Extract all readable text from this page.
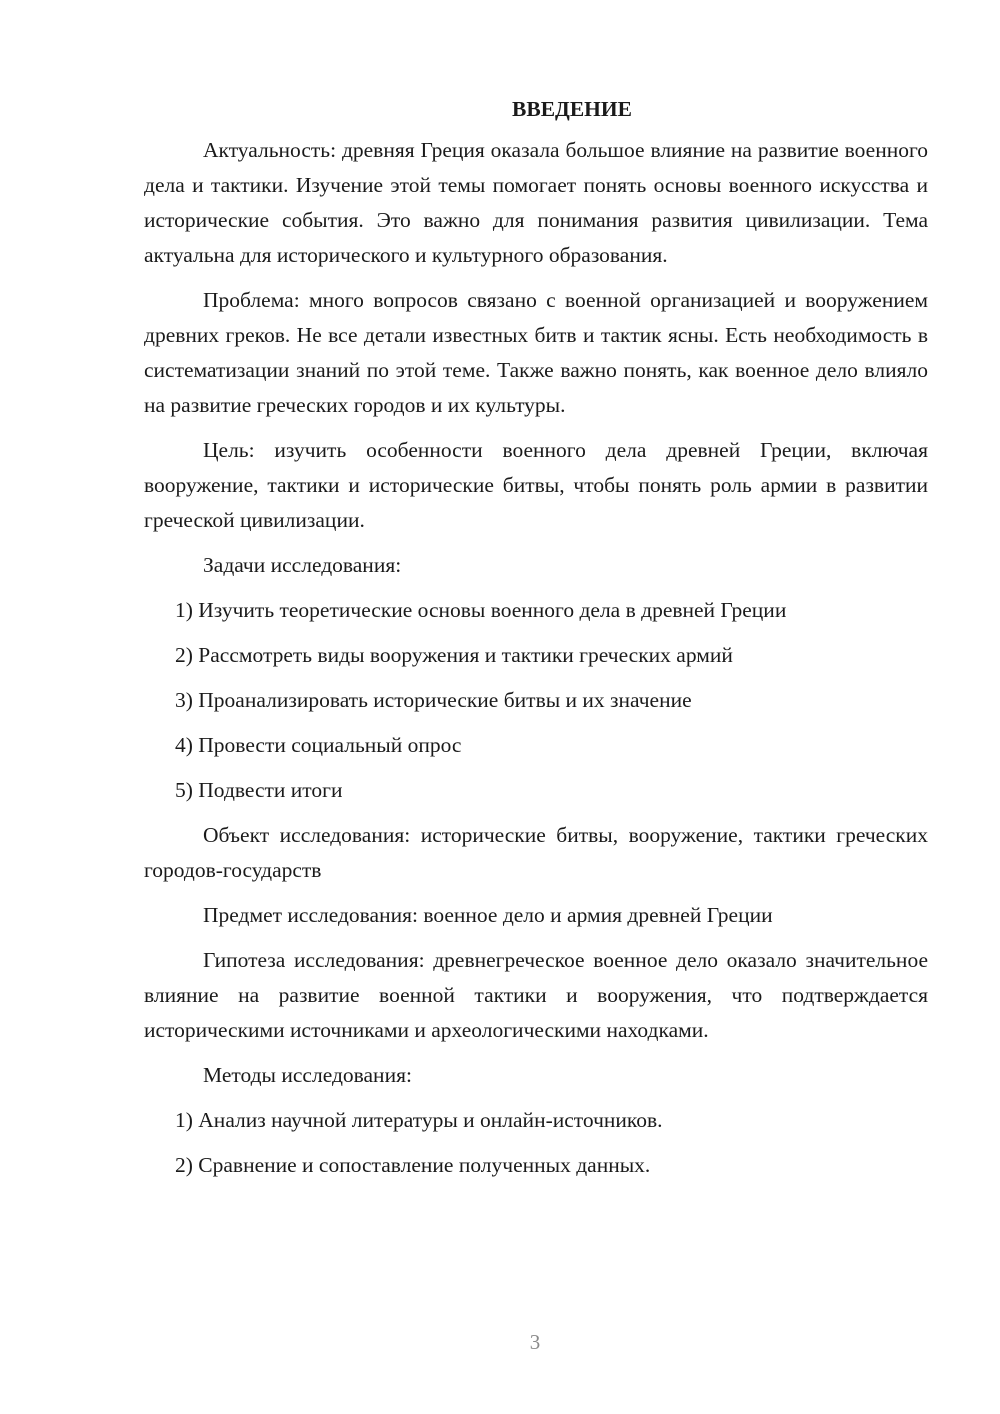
ВВЕДЕНИЕ

Актуальность: древняя Греция оказала большое влияние на развитие военного дела и тактики. Изучение этой темы помогает понять основы военного искусства и исторические события. Это важно для понимания развития цивилизации. Тема актуальна для исторического и культурного образования.

Проблема: много вопросов связано с военной организацией и вооружением древних греков. Не все детали известных битв и тактик ясны. Есть необходимость в систематизации знаний по этой теме. Также важно понять, как военное дело влияло на развитие греческих городов и их культуры.

Цель: изучить особенности военного дела древней Греции, включая вооружение, тактики и исторические битвы, чтобы понять роль армии в развитии греческой цивилизации.

Задачи исследования:

1) Изучить теоретические основы военного дела в древней Греции

2) Рассмотреть виды вооружения и тактики греческих армий

3) Проанализировать исторические битвы и их значение

4) Провести социальный опрос

5) Подвести итоги

Объект исследования: исторические битвы, вооружение, тактики греческих городов-государств

Предмет исследования: военное дело и армия древней Греции

Гипотеза исследования: древнегреческое военное дело оказало значительное влияние на развитие военной тактики и вооружения, что подтверждается историческими источниками и археологическими находками.

Методы исследования:

1) Анализ научной литературы и онлайн-источников.

2) Сравнение и сопоставление полученных данных.

3
